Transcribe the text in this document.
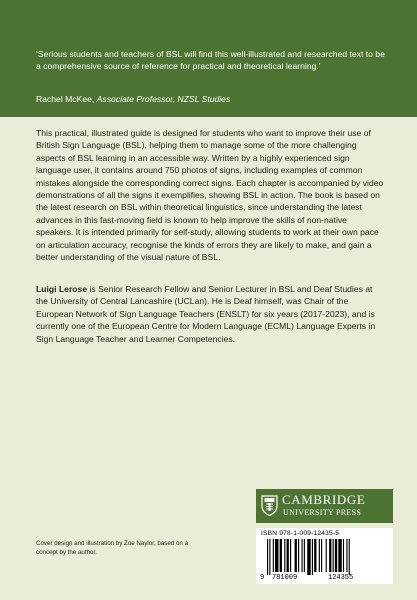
‘Serious students and teachers of BSL will find this well-illustrated and researched text to be a comprehensive source of reference for practical and theoretical learning.’

Rachel McKee, Associate Professor, NZSL Studies

This practical, illustrated guide is designed for students who want to improve their use of British Sign Language (BSL), helping them to manage some of the more challenging aspects of BSL learning in an accessible way. Written by a highly experienced sign language user, it contains around 750 photos of signs, including examples of common mistakes alongside the corresponding correct signs. Each chapter is accompanied by video demonstrations of all the signs it exemplifies, showing BSL in action. The book is based on the latest research on BSL within theoretical linguistics, since understanding the latest advances in this fast-moving field is known to help improve the skills of non-native speakers. It is intended primarily for self-study, allowing students to work at their own pace on articulation accuracy, recognise the kinds of errors they are likely to make, and gain a better understanding of the visual nature of BSL.

Luigi Lerose is Senior Research Fellow and Senior Lecturer in BSL and Deaf Studies at the University of Central Lancashire (UCLan). He is Deaf himself, was Chair of the European Network of Sign Language Teachers (ENSLT) for six years (2017-2023), and is currently one of the European Centre for Modern Language (ECML) Language Experts in Sign Language Teacher and Learner Competencies.

Cover design and illustration by Zoe Naylor, based on a concept by the author.

CAMBRIDGE
UNIVERSITY PRESS
ISBN 978-1-009-12435-5
9 781009	124355
